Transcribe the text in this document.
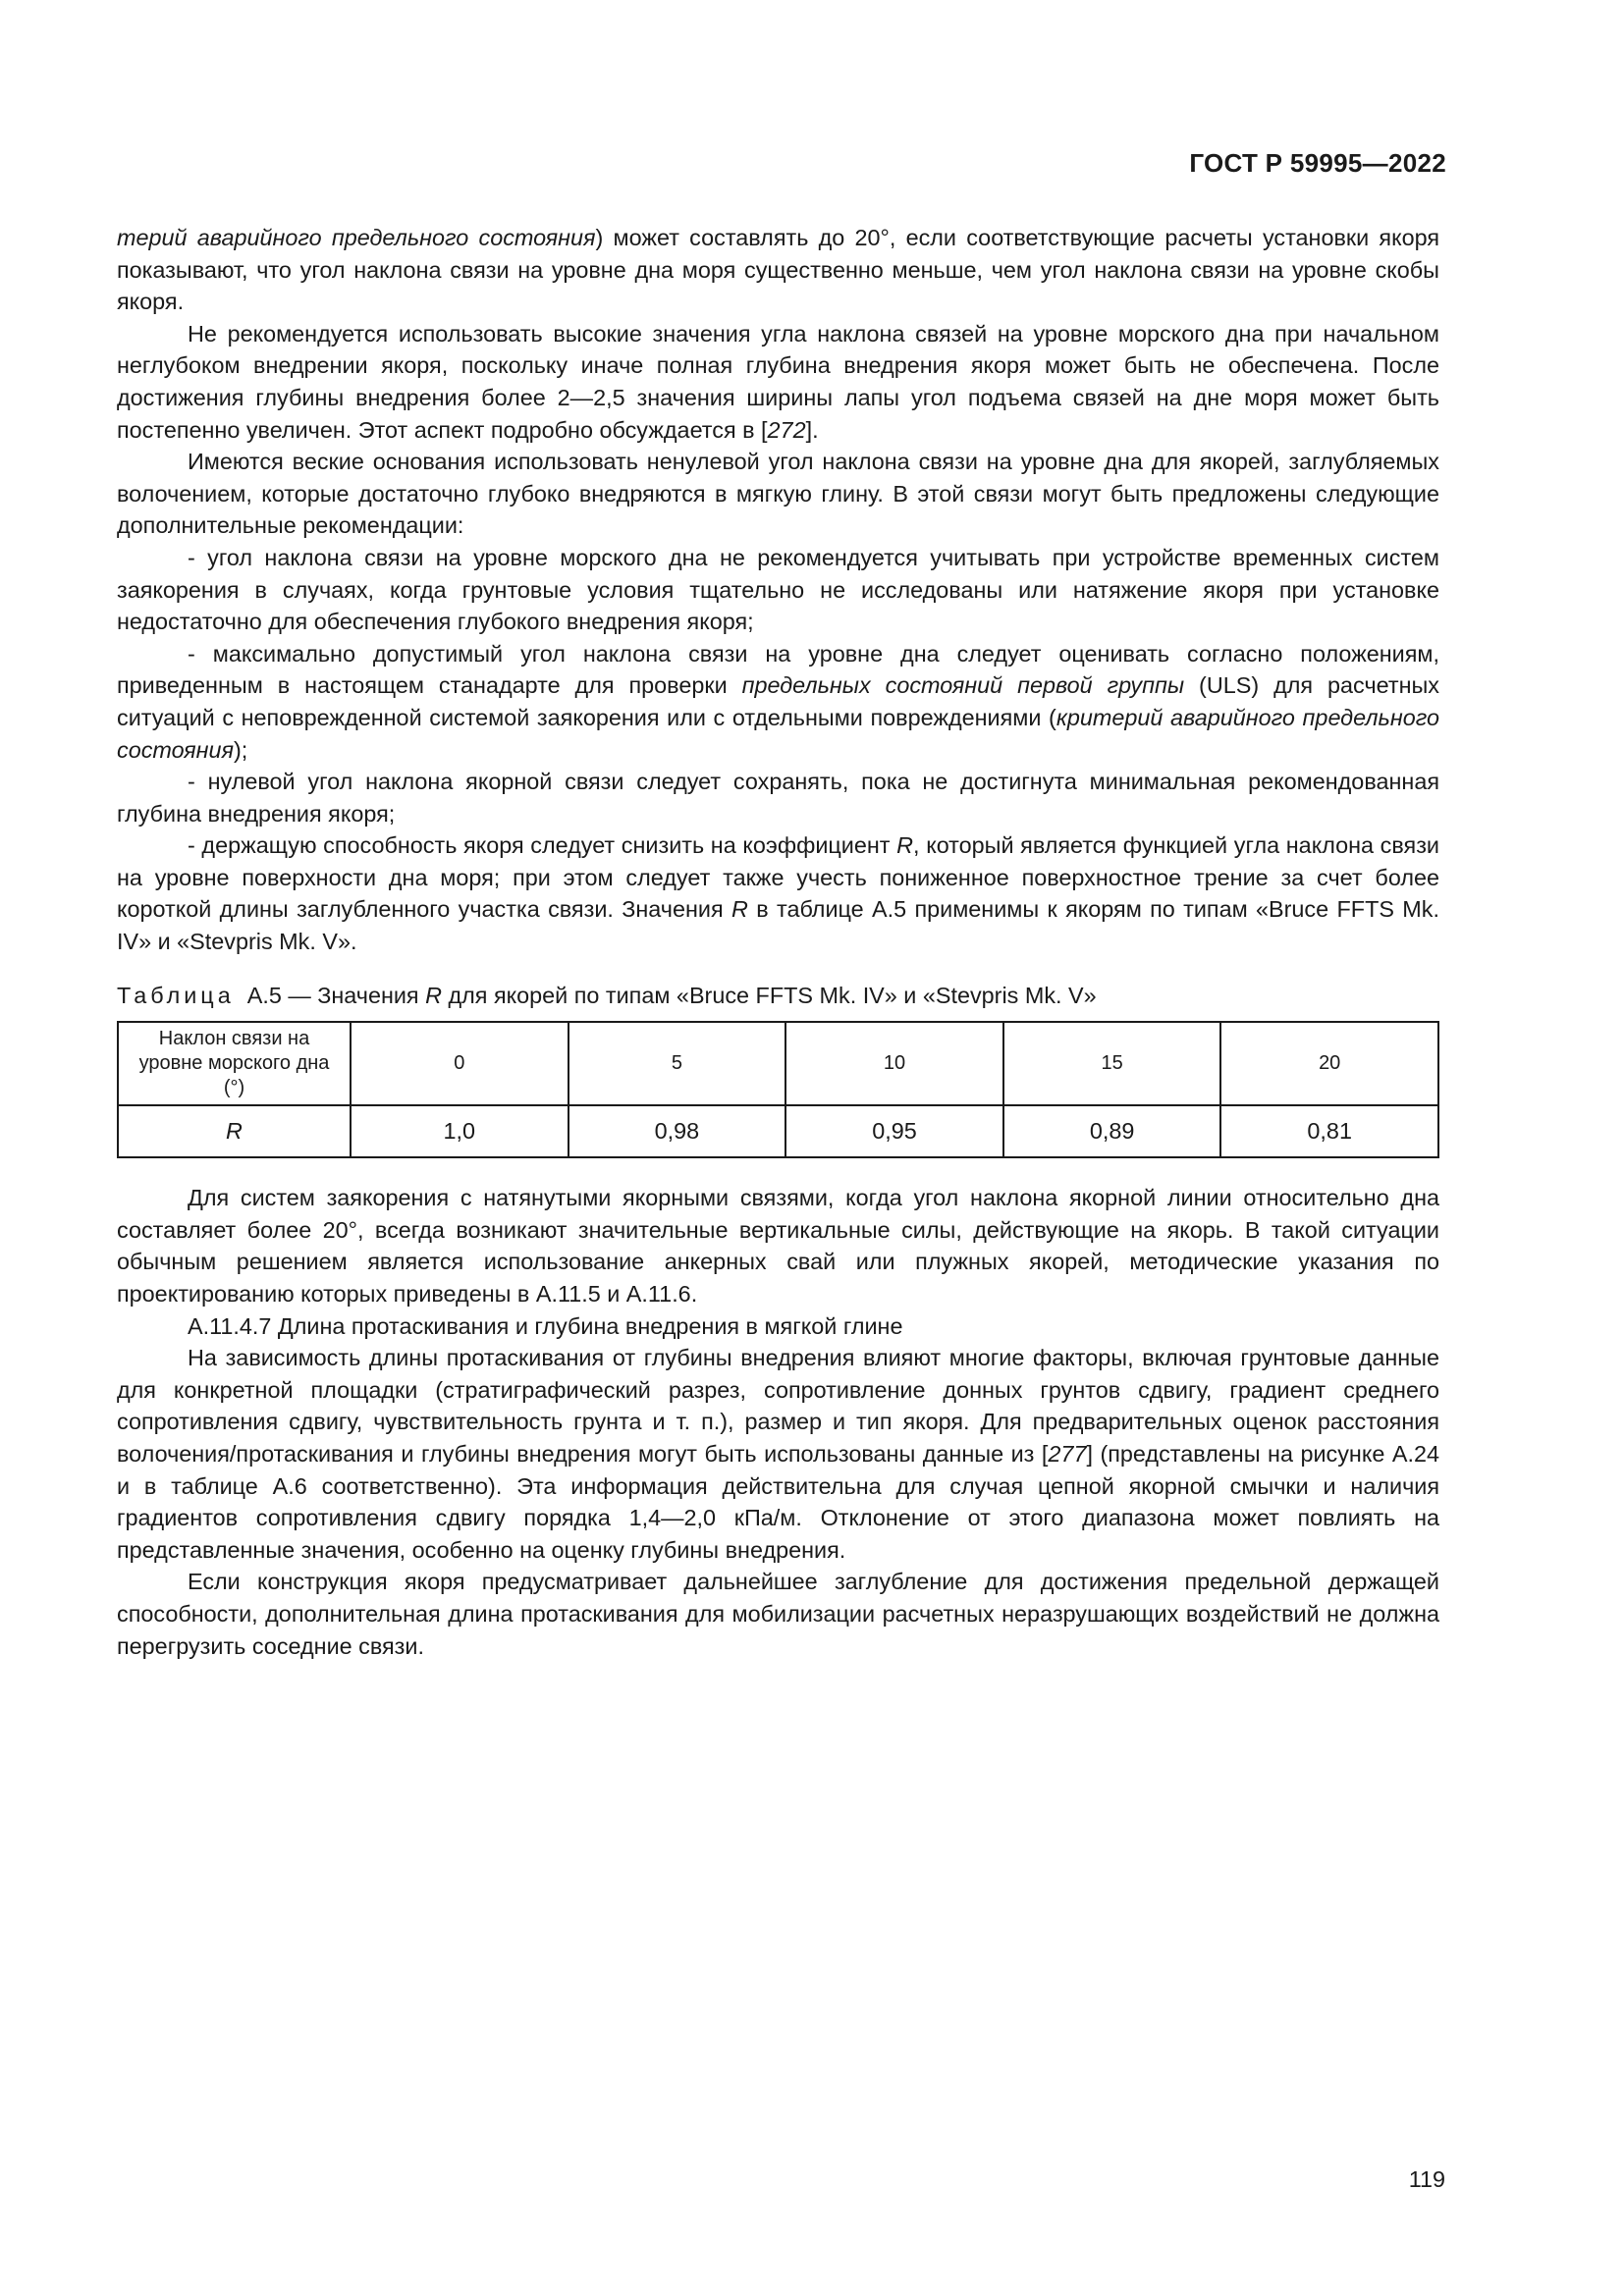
ГОСТ Р 59995—2022

терий аварийного предельного состояния) может составлять до 20°, если соответствующие расчеты установки якоря показывают, что угол наклона связи на уровне дна моря существенно меньше, чем угол наклона связи на уровне скобы якоря.

Не рекомендуется использовать высокие значения угла наклона связей на уровне морского дна при начальном неглубоком внедрении якоря, поскольку иначе полная глубина внедрения якоря может быть не обеспечена. После достижения глубины внедрения более 2—2,5 значения ширины лапы угол подъема связей на дне моря может быть постепенно увеличен. Этот аспект подробно обсуждается в [272].

Имеются веские основания использовать ненулевой угол наклона связи на уровне дна для якорей, заглубляемых волочением, которые достаточно глубоко внедряются в мягкую глину. В этой связи могут быть предложены следующие дополнительные рекомендации:

- угол наклона связи на уровне морского дна не рекомендуется учитывать при устройстве временных систем заякорения в случаях, когда грунтовые условия тщательно не исследованы или натяжение якоря при установке недостаточно для обеспечения глубокого внедрения якоря;

- максимально допустимый угол наклона связи на уровне дна следует оценивать согласно положениям, приведенным в настоящем станадарте для проверки предельных состояний первой группы (ULS) для расчетных ситуаций с неповрежденной системой заякорения или с отдельными повреждениями (критерий аварийного предельного состояния);

- нулевой угол наклона якорной связи следует сохранять, пока не достигнута минимальная рекомендованная глубина внедрения якоря;

- держащую способность якоря следует снизить на коэффициент R, который является функцией угла наклона связи на уровне поверхности дна моря; при этом следует также учесть пониженное поверхностное трение за счет более короткой длины заглубленного участка связи. Значения R в таблице А.5 применимы к якорям по типам «Bruce FFTS Mk. IV» и «Stevpris Mk. V».

Таблица А.5 — Значения R для якорей по типам «Bruce FFTS Mk. IV» и «Stevpris Mk. V»

Наклон связи на уровне морского дна (°)	0	5	10	15	20
R	1,0	0,98	0,95	0,89	0,81

Для систем заякорения с натянутыми якорными связями, когда угол наклона якорной линии относительно дна составляет более 20°, всегда возникают значительные вертикальные силы, действующие на якорь. В такой ситуации обычным решением является использование анкерных свай или плужных якорей, методические указания по проектированию которых приведены в А.11.5 и А.11.6.

А.11.4.7 Длина протаскивания и глубина внедрения в мягкой глине

На зависимость длины протаскивания от глубины внедрения влияют многие факторы, включая грунтовые данные для конкретной площадки (стратиграфический разрез, сопротивление донных грунтов сдвигу, градиент среднего сопротивления сдвигу, чувствительность грунта и т. п.), размер и тип якоря. Для предварительных оценок расстояния волочения/протаскивания и глубины внедрения могут быть использованы данные из [277] (представлены на рисунке А.24 и в таблице А.6 соответственно). Эта информация действительна для случая цепной якорной смычки и наличия градиентов сопротивления сдвигу порядка 1,4—2,0 кПа/м. Отклонение от этого диапазона может повлиять на представленные значения, особенно на оценку глубины внедрения.

Если конструкция якоря предусматривает дальнейшее заглубление для достижения предельной держащей способности, дополнительная длина протаскивания для мобилизации расчетных неразрушающих воздействий не должна перегрузить соседние связи.

119
